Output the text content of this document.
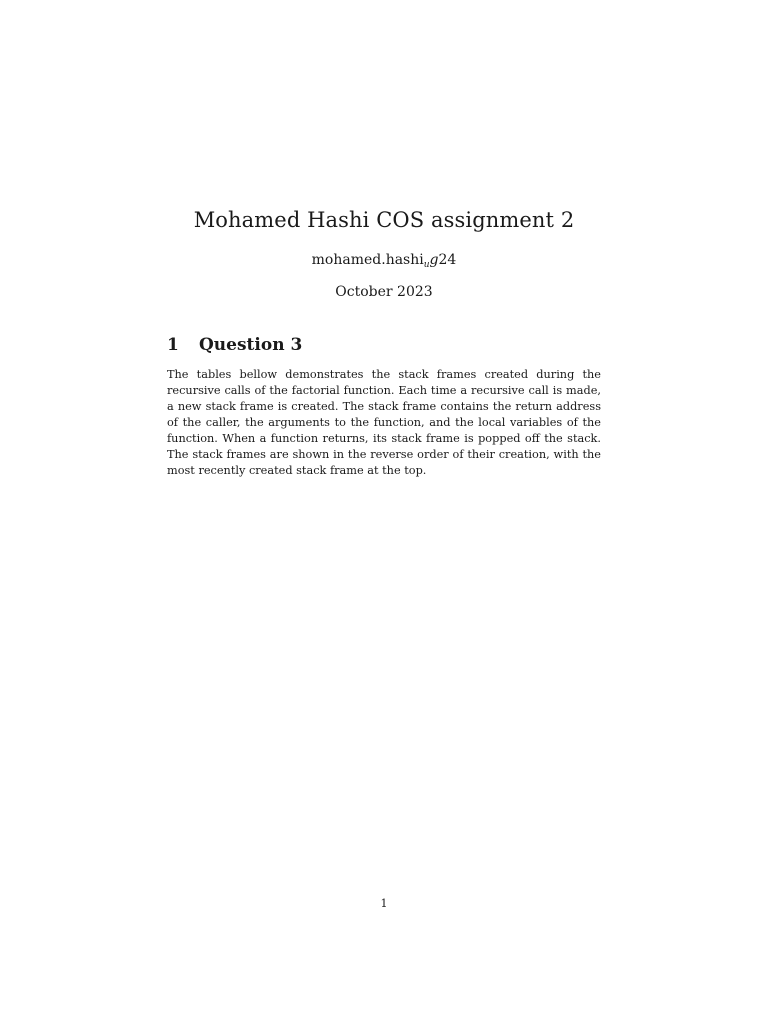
Mohamed Hashi COS assignment 2
mohamed.hashi$_u$g24
October 2023
1 Question 3
The tables bellow demonstrates the stack frames created during the recursive calls of the factorial function. Each time a recursive call is made, a new stack frame is created. The stack frame contains the return address of the caller, the arguments to the function, and the local variables of the function. When a function returns, its stack frame is popped off the stack. The stack frames are shown in the reverse order of their creation, with the most recently created stack frame at the top.
1
